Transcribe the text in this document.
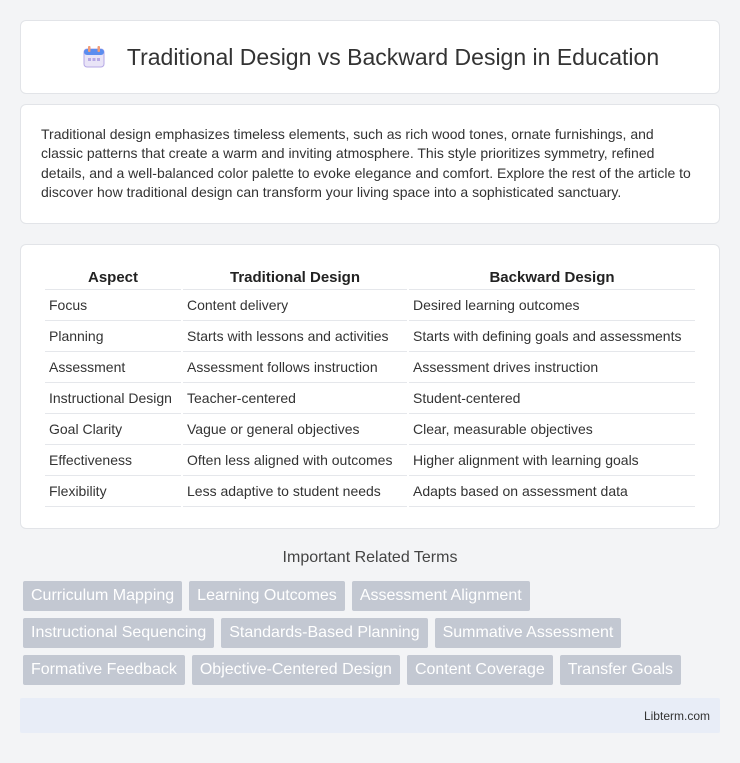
Traditional Design vs Backward Design in Education

Traditional design emphasizes timeless elements, such as rich wood tones, ornate furnishings, and classic patterns that create a warm and inviting atmosphere. This style prioritizes symmetry, refined details, and a well-balanced color palette to evoke elegance and comfort. Explore the rest of the article to discover how traditional design can transform your living space into a sophisticated sanctuary.

Aspect	Traditional Design	Backward Design
Focus	Content delivery	Desired learning outcomes
Planning	Starts with lessons and activities	Starts with defining goals and assessments
Assessment	Assessment follows instruction	Assessment drives instruction
Instructional Design	Teacher-centered	Student-centered
Goal Clarity	Vague or general objectives	Clear, measurable objectives
Effectiveness	Often less aligned with outcomes	Higher alignment with learning goals
Flexibility	Less adaptive to student needs	Adapts based on assessment data
Important Related Terms
Curriculum Mapping	Learning Outcomes	Assessment Alignment
Instructional Sequencing	Standards-Based Planning	Summative Assessment
Formative Feedback	Objective-Centered Design	Content Coverage	Transfer Goals
Libterm.com
